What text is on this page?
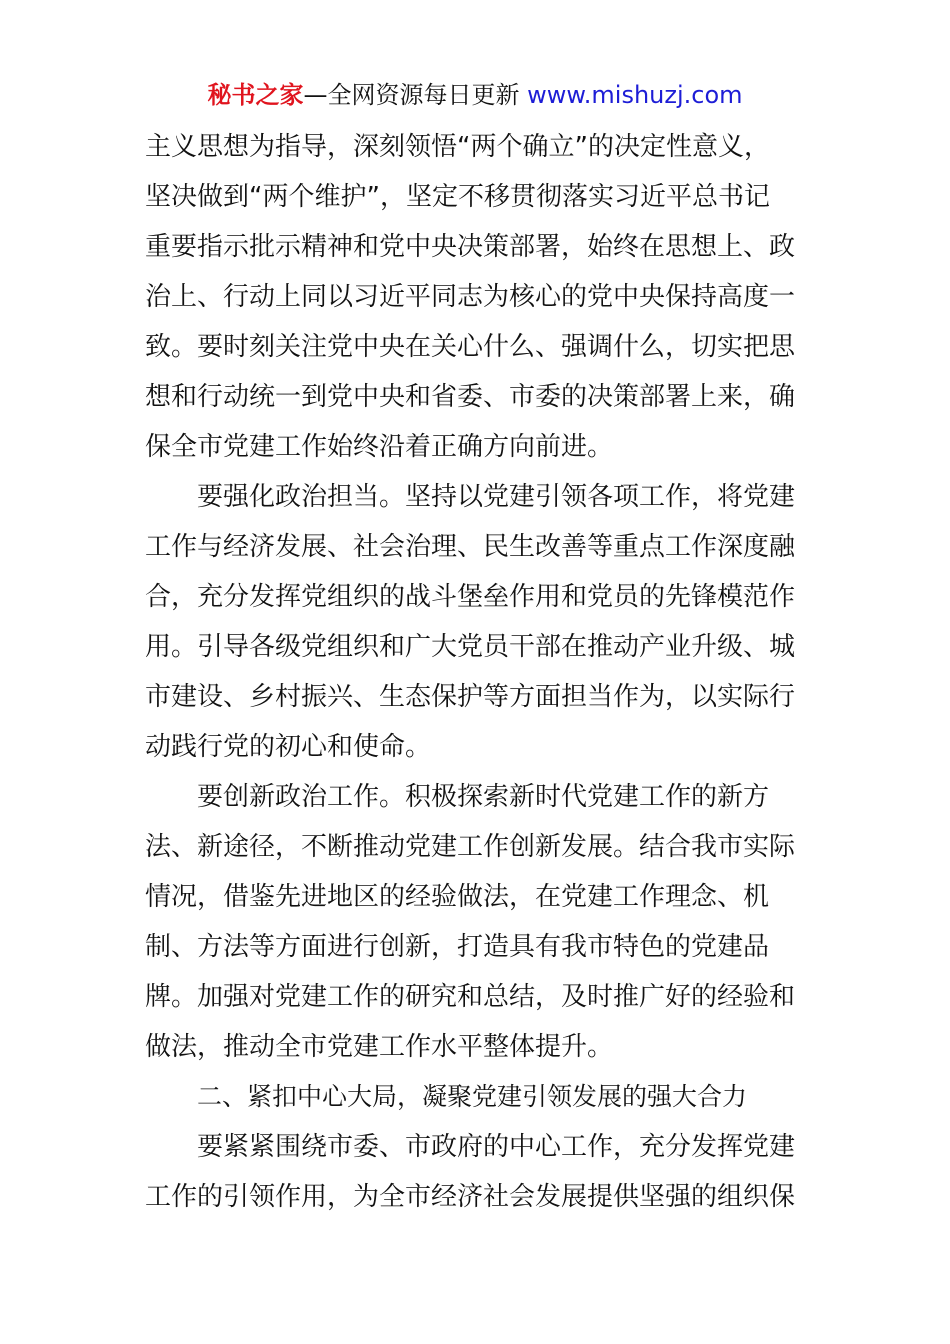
秘书之家—全网资源每日更新 www.mishuzj.com
主义思想为指导，深刻领悟“两个确立”的决定性意义，
坚决做到“两个维护”，坚定不移贯彻落实习近平总书记
重要指示批示精神和党中央决策部署，始终在思想上、政
治上、行动上同以习近平同志为核心的党中央保持高度一
致。要时刻关注党中央在关心什么、强调什么，切实把思
想和行动统一到党中央和省委、市委的决策部署上来，确
保全市党建工作始终沿着正确方向前进。
要强化政治担当。坚持以党建引领各项工作，将党建
工作与经济发展、社会治理、民生改善等重点工作深度融
合，充分发挥党组织的战斗堡垒作用和党员的先锋模范作
用。引导各级党组织和广大党员干部在推动产业升级、城
市建设、乡村振兴、生态保护等方面担当作为，以实际行
动践行党的初心和使命。
要创新政治工作。积极探索新时代党建工作的新方
法、新途径，不断推动党建工作创新发展。结合我市实际
情况，借鉴先进地区的经验做法，在党建工作理念、机
制、方法等方面进行创新，打造具有我市特色的党建品
牌。加强对党建工作的研究和总结，及时推广好的经验和
做法，推动全市党建工作水平整体提升。
二、紧扣中心大局，凝聚党建引领发展的强大合力
要紧紧围绕市委、市政府的中心工作，充分发挥党建
工作的引领作用，为全市经济社会发展提供坚强的组织保
